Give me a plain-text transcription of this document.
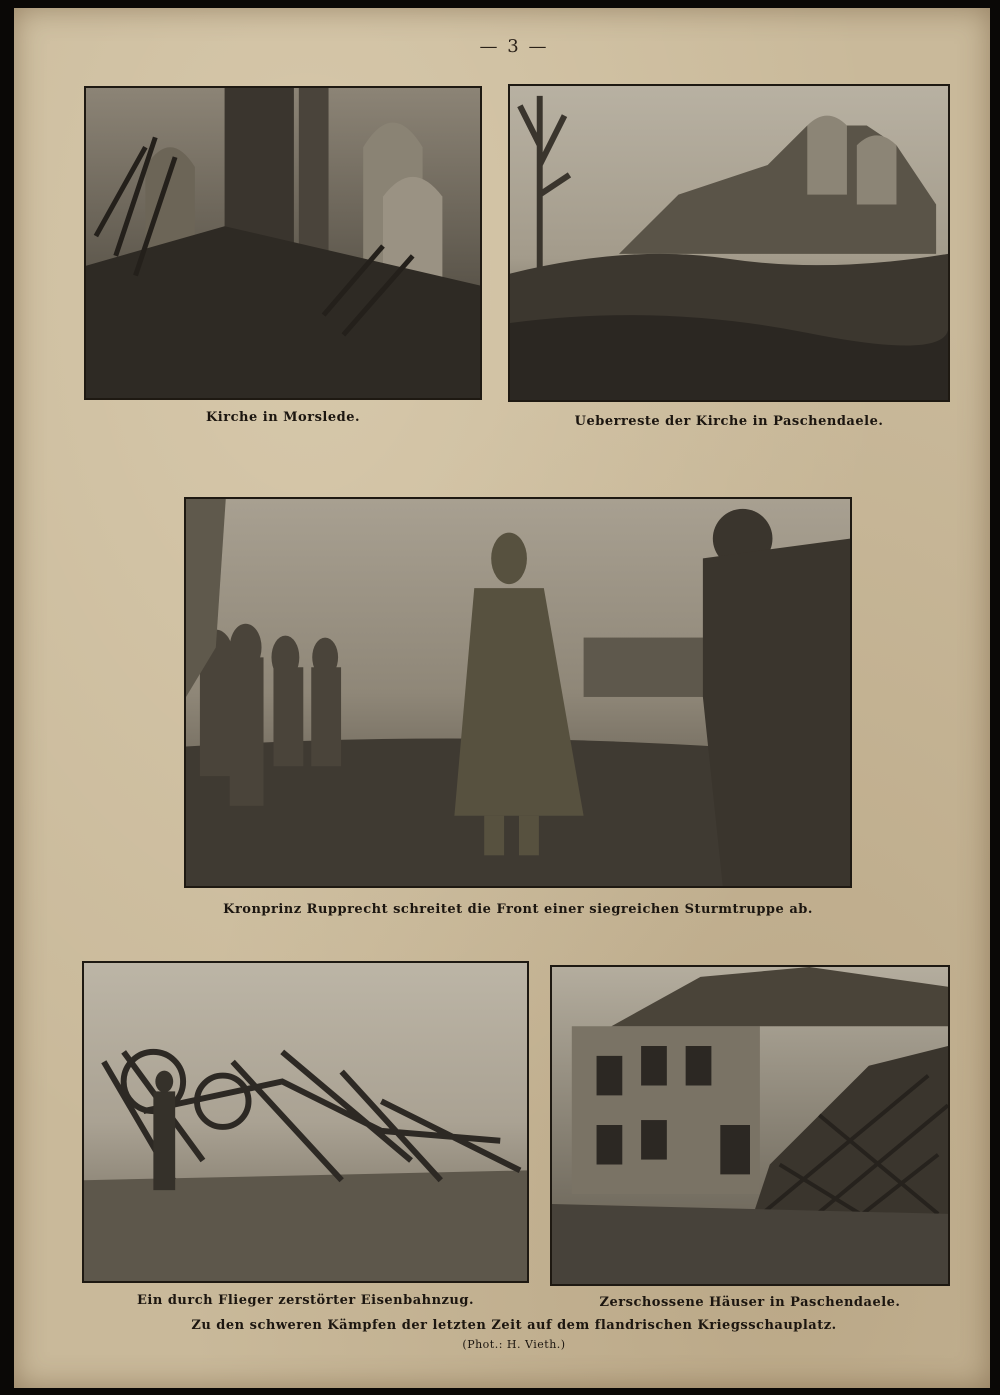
— 3 —
Kirche in Morslede.	Ueberreste der Kirche in Paschendaele.
Kronprinz Rupprecht schreitet die Front einer siegreichen Sturmtruppe ab.
Ein durch Flieger zerstörter Eisenbahnzug.	Zerschossene Häuser in Paschendaele.
Zu den schweren Kämpfen der letzten Zeit auf dem flandrischen Kriegsschauplatz.
(Phot.: H. Vieth.)
